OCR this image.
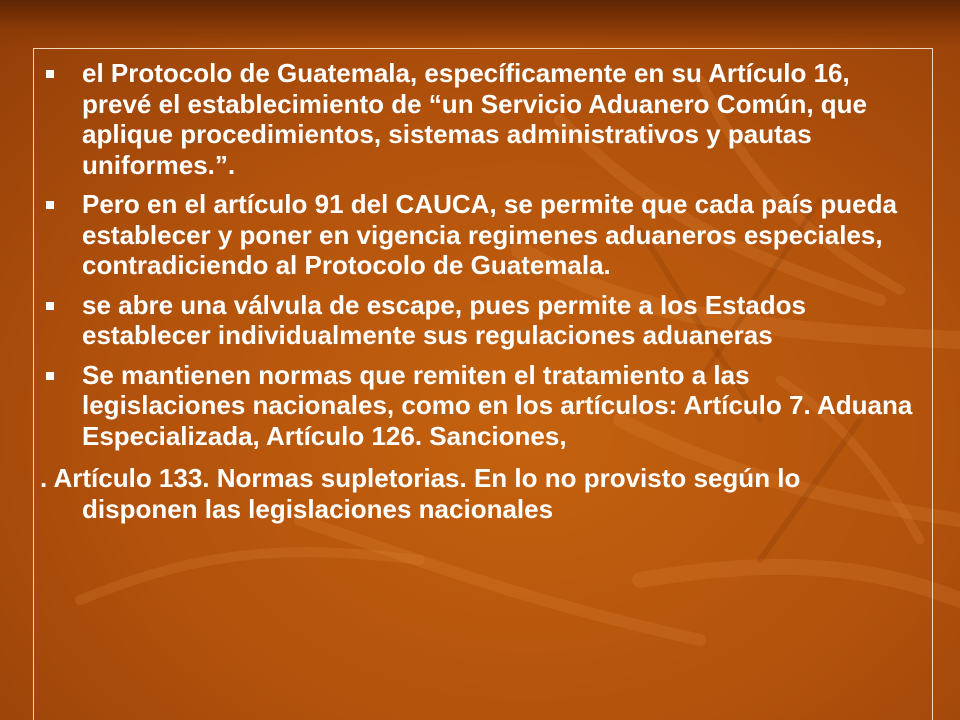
el Protocolo de Guatemala, específicamente en su Artículo 16, prevé el establecimiento de “un Servicio Aduanero Común, que aplique procedimientos, sistemas administrativos y pautas uniformes.”.
Pero en el artículo 91 del CAUCA, se permite que cada país pueda establecer y poner en vigencia regimenes aduaneros especiales, contradiciendo al Protocolo de Guatemala.
se abre una válvula de escape, pues permite a los Estados establecer individualmente sus regulaciones aduaneras
Se mantienen normas que remiten el tratamiento a las legislaciones nacionales, como en los artículos: Artículo 7. Aduana Especializada, Artículo 126. Sanciones,
. Artículo 133. Normas supletorias. En lo no provisto según lo disponen las legislaciones nacionales
